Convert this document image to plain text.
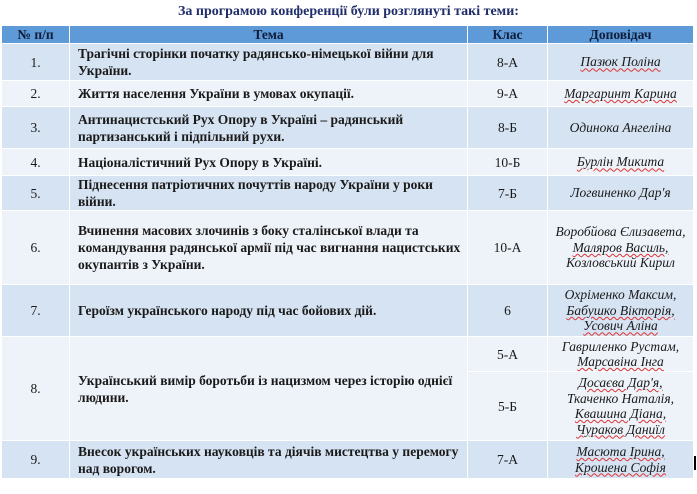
За програмою конференції були розглянуті такі теми:
№ п/п	Тема	Клас	Доповідач
1.	Трагічні сторінки початку радянсько-німецької війни для України.	8-А	Пазюк Поліна
2.	Життя населення України в умовах окупації.	9-А	Маргаринт Карина
3.	Антинацистський Рух Опору в Україні – радянський партизанський і підпільний рухи.	8-Б	Одинока Ангеліна
4.	Націоналістичний Рух Опору в Україні.	10-Б	Бурлін Микита
5.	Піднесення патріотичних почуттів народу України у роки війни.	7-Б	Логвиненко Дар'я
6.	Вчинення масових злочинів з боку сталінської влади та командування радянської армії під час вигнання нацистських окупантів з України.	10-А	Воробйова Єлизавета,
Маляров Василь,
Козловський Кирил

7.	Героїзм українського народу під час бойових дій.	6	Охріменко Максим,
Бабушко Вікторія,
Усович Аліна

8.	Український вимір боротьби із нацизмом через історію однієї людини.	5-А	Гавриленко Рустам,
Марсавіна Інга

		5-Б	Досаєва Дар'я,
Ткаченко Наталія,
Квашина Діана,
Чураков Даниїл

9.	Внесок українських науковців та діячів мистецтва у перемогу над ворогом.	7-А	Масюта Ірина,
Крошена Софія
